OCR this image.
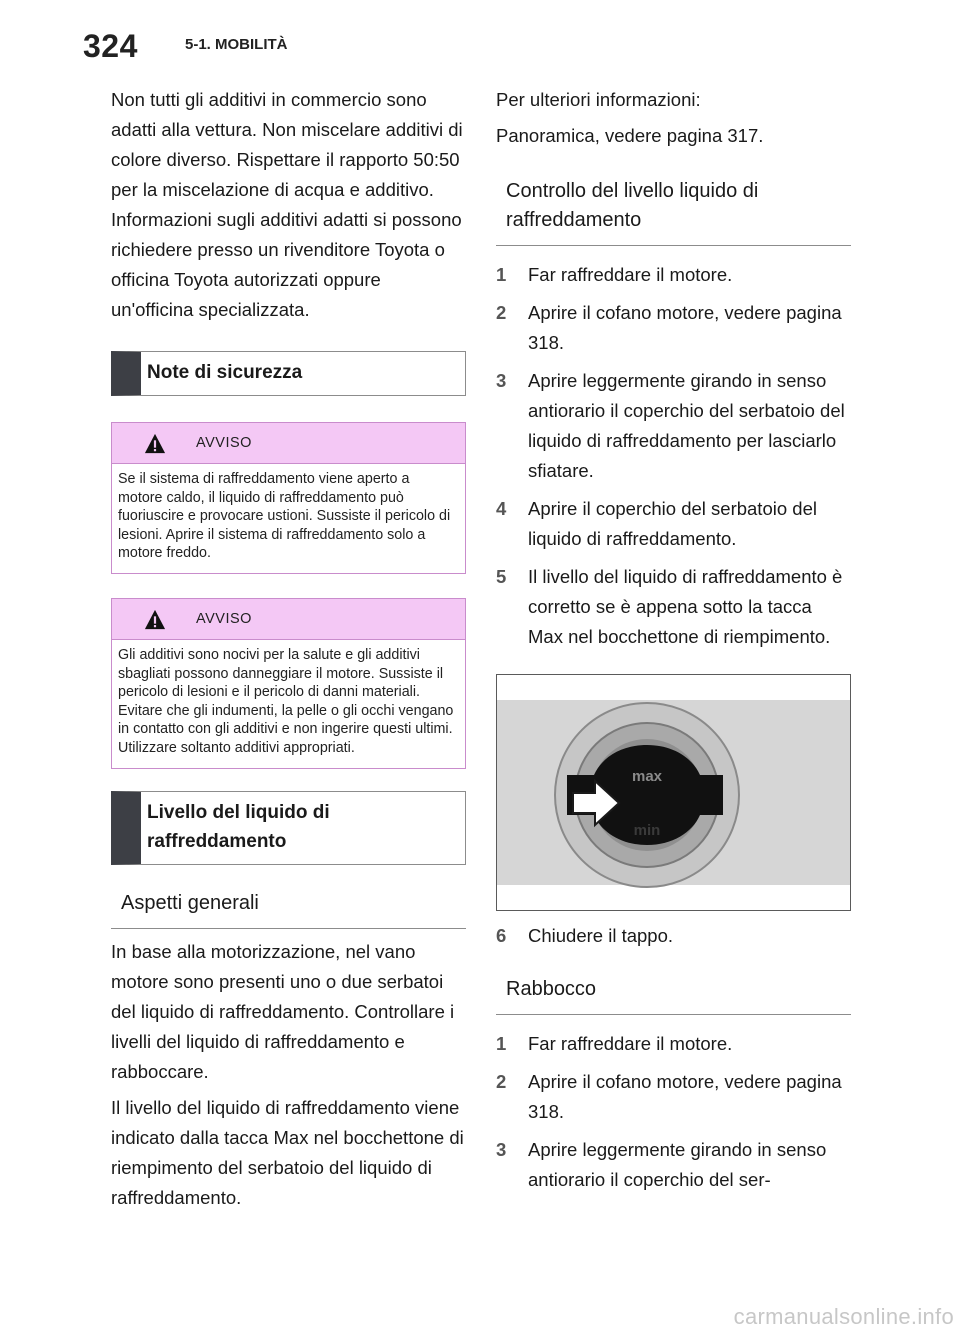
324	5-1. MOBILITÀ

Non tutti gli additivi in commercio sono adatti alla vettura. Non miscelare additivi di colore diverso. Rispettare il rapporto 50:50 per la miscelazione di acqua e additivo. Informazioni sugli additivi adatti si possono richiedere presso un rivenditore Toyota o officina Toyota autorizzati oppure un'officina specializzata.

Note di sicurezza
AVVISO
Se il sistema di raffreddamento viene aperto a motore caldo, il liquido di raffreddamento può fuoriuscire e provocare ustioni. Sussiste il pericolo di lesioni. Aprire il sistema di raffreddamento solo a motore freddo.
AVVISO
Gli additivi sono nocivi per la salute e gli additivi sbagliati possono danneggiare il motore. Sussiste il pericolo di lesioni e il pericolo di danni materiali. Evitare che gli indumenti, la pelle o gli occhi vengano in contatto con gli additivi e non ingerire questi ultimi. Utilizzare soltanto additivi appropriati.
Livello del liquido di raffreddamento
Aspetti generali

In base alla motorizzazione, nel vano motore sono presenti uno o due serbatoi del liquido di raffreddamento. Controllare i livelli del liquido di raffreddamento e rabboccare.

Il livello del liquido di raffreddamento viene indicato dalla tacca Max nel bocchettone di riempimento del serbatoio del liquido di raffreddamento.

Per ulteriori informazioni:

Panoramica, vedere pagina 317.

Controllo del livello liquido di raffreddamento
1	Far raffreddare il motore.
2	Aprire il cofano motore, vedere pagina 318.
3	Aprire leggermente girando in senso antiorario il coperchio del serbatoio del liquido di raffreddamento per lasciarlo sfiatare.
4	Aprire il coperchio del serbatoio del liquido di raffreddamento.
5	Il livello del liquido di raffreddamento è corretto se è appena sotto la tacca Max nel bocchettone di riempimento.
max
min
6	Chiudere il tappo.
Rabbocco
1	Far raffreddare il motore.
2	Aprire il cofano motore, vedere pagina 318.
3	Aprire leggermente girando in senso antiorario il coperchio del ser-
carmanualsonline.info
